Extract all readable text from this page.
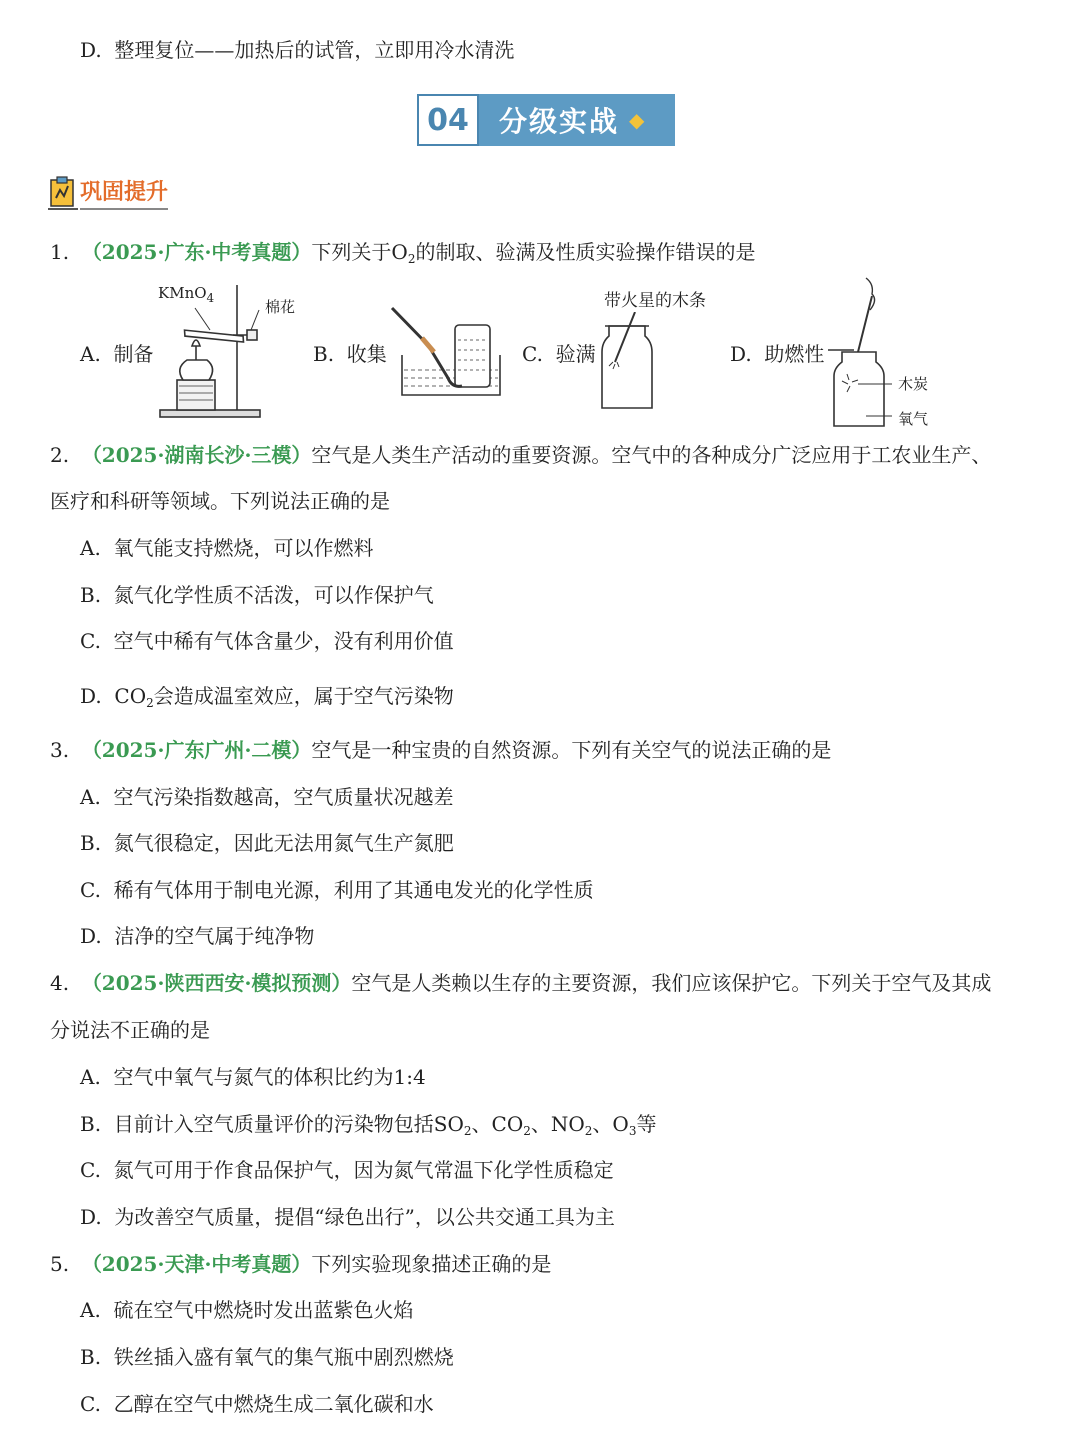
D. 整理复位——加热后的试管，立即用冷水清洗
04	分级实战 ◆
巩固提升
1. （2025·广东·中考真题）下列关于$O_2$的制取、验满及性质实验操作错误的是
A. 制备
KMnO$_4$	棉花
B. 收集	C. 验满
带火星的木条
D. 助燃性
木炭
氧气
2. （2025·湖南长沙·三模）空气是人类生产活动的重要资源。空气中的各种成分广泛应用于工农业生产、
医疗和科研等领域。下列说法正确的是
A. 氧气能支持燃烧，可以作燃料
B. 氮气化学性质不活泼，可以作保护气
C. 空气中稀有气体含量少，没有利用价值
D. $CO_2$会造成温室效应，属于空气污染物
3. （2025·广东广州·二模）空气是一种宝贵的自然资源。下列有关空气的说法正确的是
A. 空气污染指数越高，空气质量状况越差
B. 氮气很稳定，因此无法用氮气生产氮肥
C. 稀有气体用于制电光源，利用了其通电发光的化学性质
D. 洁净的空气属于纯净物
4. （2025·陕西西安·模拟预测）空气是人类赖以生存的主要资源，我们应该保护它。下列关于空气及其成
分说法不正确的是
A. 空气中氧气与氮气的体积比约为1:4
B. 目前计入空气质量评价的污染物包括$SO_2$、$CO_2$、$NO_2$、$O_3$等
C. 氮气可用于作食品保护气，因为氮气常温下化学性质稳定
D. 为改善空气质量，提倡“绿色出行”，以公共交通工具为主
5. （2025·天津·中考真题）下列实验现象描述正确的是
A. 硫在空气中燃烧时发出蓝紫色火焰
B. 铁丝插入盛有氧气的集气瓶中剧烈燃烧
C. 乙醇在空气中燃烧生成二氧化碳和水
